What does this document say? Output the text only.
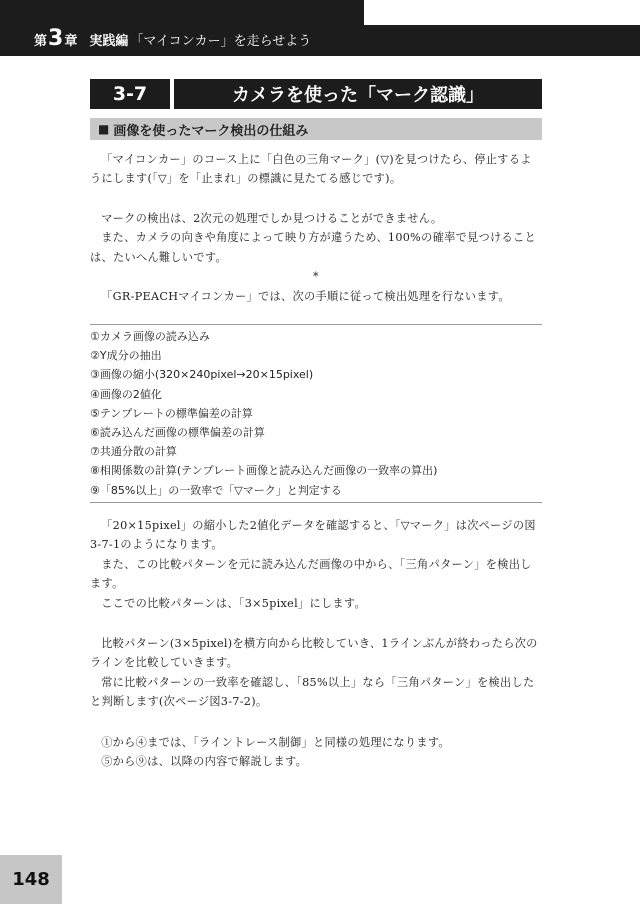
第 3 章 実践編 「マイコンカー」を走らせよう
3-7	カメラを使った「マーク認識」
■ 画像を使ったマーク検出の仕組み

「マイコンカー」のコース上に「白色の三角マーク」(▽)を見つけたら、停止するようにします(「▽」を「止まれ」の標識に見たてる感じです)。

マークの検出は、2次元の処理でしか見つけることができません。

また、カメラの向きや角度によって映り方が違うため、100%の確率で見つけることは、たいへん難しいです。

*

「GR-PEACHマイコンカー」では、次の手順に従って検出処理を行ないます。

①カメラ画像の読み込み
②Y成分の抽出
③画像の縮小(320×240pixel→20×15pixel)
④画像の2値化
⑤テンプレートの標準偏差の計算
⑥読み込んだ画像の標準偏差の計算
⑦共通分散の計算
⑧相関係数の計算(テンプレート画像と読み込んだ画像の一致率の算出)
⑨「85%以上」の一致率で「▽マーク」と判定する

「20×15pixel」の縮小した2値化データを確認すると、「▽マーク」は次ページの図3-7-1のようになります。

また、この比較パターンを元に読み込んだ画像の中から、「三角パターン」を検出します。

ここでの比較パターンは、「3×5pixel」にします。

比較パターン(3×5pixel)を横方向から比較していき、1ラインぶんが終わったら次のラインを比較していきます。

常に比較パターンの一致率を確認し、「85%以上」なら「三角パターン」を検出したと判断します(次ページ図3-7-2)。

①から④までは、「ライントレース制御」と同様の処理になります。

⑤から⑨は、以降の内容で解説します。

148
